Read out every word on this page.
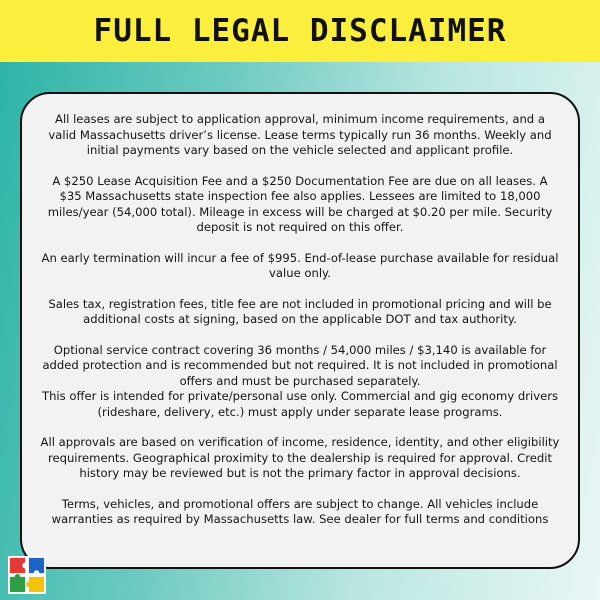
FULL LEGAL DISCLAIMER

All leases are subject to application approval, minimum income requirements, and a valid Massachusetts driver’s license. Lease terms typically run 36 months. Weekly and initial payments vary based on the vehicle selected and applicant profile.

A $250 Lease Acquisition Fee and a $250 Documentation Fee are due on all leases. A $35 Massachusetts state inspection fee also applies. Lessees are limited to 18,000 miles/year (54,000 total). Mileage in excess will be charged at $0.20 per mile. Security deposit is not required on this offer.

An early termination will incur a fee of $995. End-of-lease purchase available for residual value only.

Sales tax, registration fees, title fee are not included in promotional pricing and will be additional costs at signing, based on the applicable DOT and tax authority.

Optional service contract covering 36 months / 54,000 miles / $3,140 is available for added protection and is recommended but not required. It is not included in promotional offers and must be purchased separately.

This offer is intended for private/personal use only. Commercial and gig economy drivers (rideshare, delivery, etc.) must apply under separate lease programs.

All approvals are based on verification of income, residence, identity, and other eligibility requirements. Geographical proximity to the dealership is required for approval. Credit history may be reviewed but is not the primary factor in approval decisions.

Terms, vehicles, and promotional offers are subject to change. All vehicles include warranties as required by Massachusetts law. See dealer for full terms and conditions
